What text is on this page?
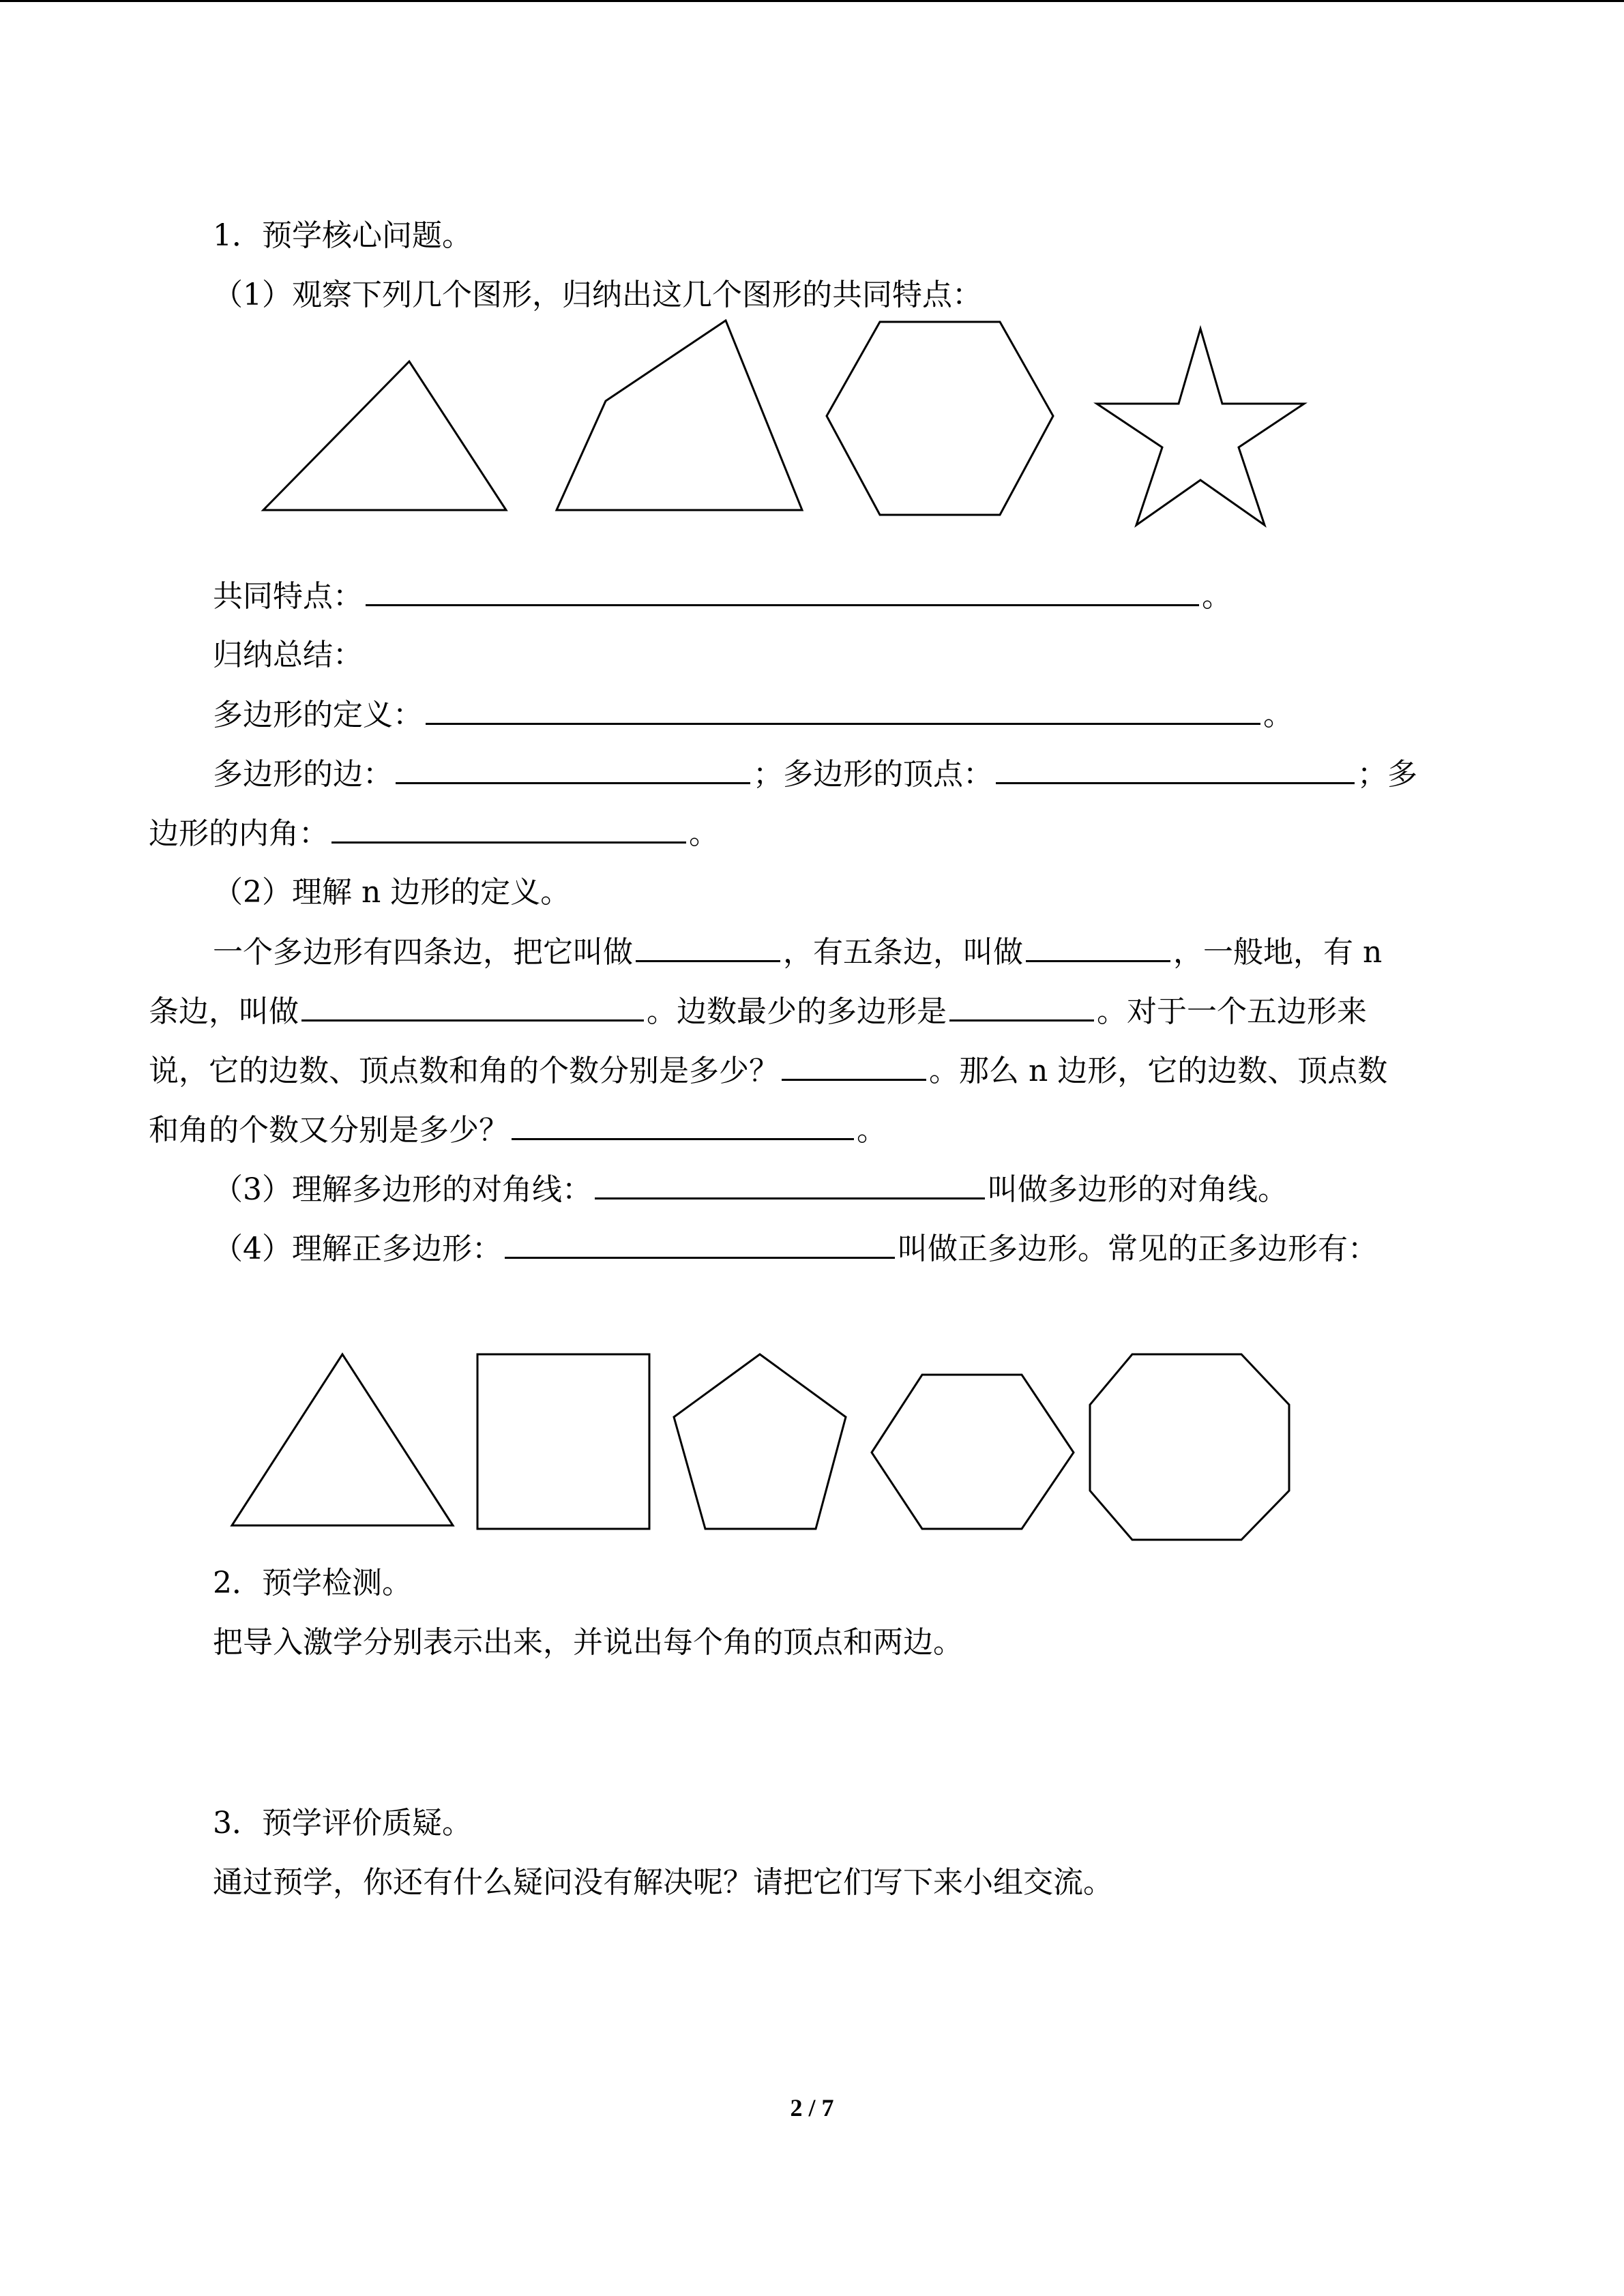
1．预学核心问题。
（1）观察下列几个图形，归纳出这几个图形的共同特点：
共同特点：	。
归纳总结：
多边形的定义：	。
多边形的边：	；多边形的顶点：	；多
边形的内角：	。
（2）理解 n 边形的定义。
一个多边形有四条边，把它叫做	，有五条边，叫做	，一般地，有 n
条边，叫做	。边数最少的多边形是	。对于一个五边形来
说，它的边数、顶点数和角的个数分别是多少？	。那么 n 边形，它的边数、顶点数
和角的个数又分别是多少？	。
（3）理解多边形的对角线：	叫做多边形的对角线。
（4）理解正多边形：	叫做正多边形。常见的正多边形有：
2．预学检测。
把导入激学分别表示出来，并说出每个角的顶点和两边。
3．预学评价质疑。
通过预学，你还有什么疑问没有解决呢？请把它们写下来小组交流。
2 / 7
